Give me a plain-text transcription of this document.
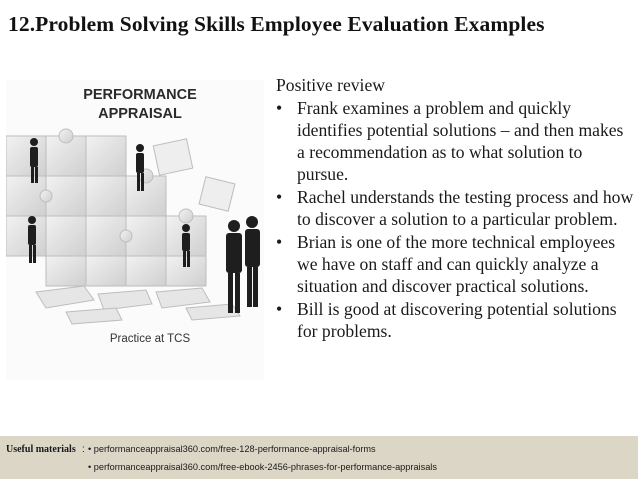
12.Problem Solving Skills Employee Evaluation Examples
PERFORMANCE
APPRAISAL
Practice at TCS
Positive review
• Frank examines a problem and quickly identifies potential solutions – and then makes a recommendation as to what solution to pursue.
• Rachel understands the testing process and how to discover a solution to a particular problem.
• Brian is one of the more technical employees we have on staff and can quickly analyze a situation and discover practical solutions.
• Bill is good at discovering potential solutions for problems.
Useful materials : • performanceappraisal360.com/free-128-performance-appraisal-forms
• performanceappraisal360.com/free-ebook-2456-phrases-for-performance-appraisals
